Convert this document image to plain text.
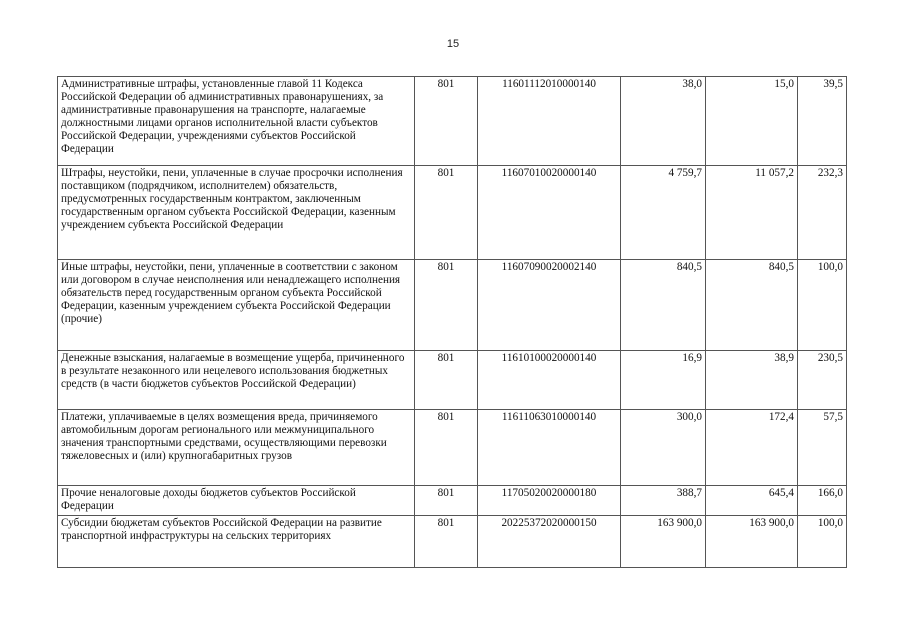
15
Административные штрафы, установленные главой 11 Кодекса Российской Федерации об административных правонарушениях, за административные правонарушения на транспорте, налагаемые должностными лицами органов исполнительной власти субъектов Российской Федерации, учреждениями субъектов Российской Федерации	801	11601112010000140	38,0	15,0	39,5
Штрафы, неустойки, пени, уплаченные в случае просрочки исполнения поставщиком (подрядчиком, исполнителем) обязательств, предусмотренных государственным контрактом, заключенным государственным органом субъекта Российской Федерации, казенным учреждением субъекта Российской Федерации	801	11607010020000140	4 759,7	11 057,2	232,3
Иные штрафы, неустойки, пени, уплаченные в соответствии с законом или договором в случае неисполнения или ненадлежащего исполнения обязательств перед государственным органом субъекта Российской Федерации, казенным учреждением субъекта Российской Федерации (прочие)	801	11607090020002140	840,5	840,5	100,0
Денежные взыскания, налагаемые в возмещение ущерба, причиненного в результате незаконного или нецелевого использования бюджетных средств (в части бюджетов субъектов Российской Федерации)	801	11610100020000140	16,9	38,9	230,5
Платежи, уплачиваемые в целях возмещения вреда, причиняемого автомобильным дорогам регионального или межмуниципального значения транспортными средствами, осуществляющими перевозки тяжеловесных и (или) крупногабаритных грузов	801	11611063010000140	300,0	172,4	57,5
Прочие неналоговые доходы бюджетов субъектов Российской Федерации	801	11705020020000180	388,7	645,4	166,0
Субсидии бюджетам субъектов Российской Федерации на развитие транспортной инфраструктуры на сельских территориях	801	20225372020000150	163 900,0	163 900,0	100,0
